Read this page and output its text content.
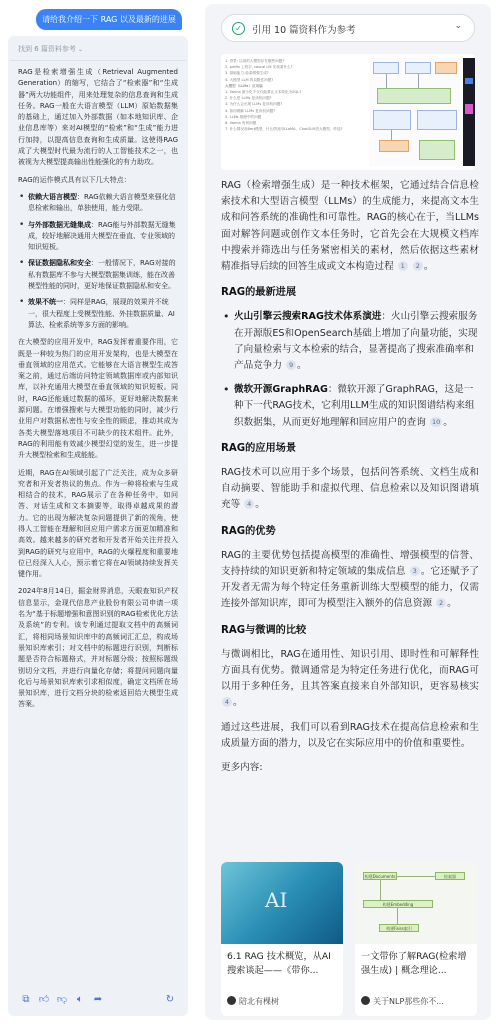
请给我介绍一下 RAG 以及最新的进展
找到 6 篇资料参考 ⌄

RAG是检索增强生成（Retrieval Augmented Generation）的缩写，它结合了“检索器”和“生成器”两大功能组件，用来处理复杂的信息查询和生成任务。RAG一般在大语言模型（LLM）原始数据集的基础上，通过加入外部数据（如本地知识库、企业信息库等）来对AI模型的“检索”和“生成”能力进行加持，以提高信息查询和生成质量。这使得RAG成了大模型时代最为流行的人工智能技术之一，也被视为大模型提高输出性能强化的有力助攻。

RAG的运作模式具有以下几大特点：

• 依赖大语言模型：RAG依赖大语言模型来强化信息检索和输出，单独使用，能力受限。
• 与外部数据无缝集成：RAG能与外部数据无缝集成，较好地解决通用大模型在垂直、专业领域的知识短板。
• 保证数据隐私和安全：一般情况下，RAG对接的私有数据库不参与大模型数据集训练，能在改善模型性能的同时，更好地保证数据隐私和安全。
• 效果不统一：同样是RAG，展现的效果并不统一，很大程度上受模型性能、外挂数据质量、AI算法、检索系统等多方面的影响。

在大模型的应用开发中，RAG发挥着重要作用，它既是一种较为热门的应用开发架构，也是大模型在垂直领域的应用范式。它能够在大语言模型生成答案之前，通过后端访问特定领域数据库或内部知识库，以补充通用大模型在垂直领域的知识短板。同时，RAG还能通过数据的循环，更好地解决数据来源问题。在增强搜索与大模型功能的同时，减少行业用户对数据私密性与安全性的顾虑，推动其成为各类大模型落地项目不可缺少的技术组件。此外，RAG的利用能有效减少模型幻觉的发生，进一步提升大模型检索和生成能能。

近期，RAG在AI领域引起了广泛关注，成为众多研究者和开发者热议的焦点。作为一种将检索与生成相结合的技术，RAG展示了在各种任务中，如问答、对话生成和文本摘要等，取得卓越成果的潜力。它的出现为解决复杂问题提供了新的视角，使得人工智能在理解和回应用户需求方面更加精准和高效。越来越多的研究者和开发者开始关注并投入到RAG的研究与应用中，RAG的火爆程度和重要地位已经深入人心，预示着它将在AI领域持续发挥关键作用。

2024年8月14日，掘金财界消息，天眼查知识产权信息显示，金现代信息产业股份有限公司申请一项名为“基于标题增强和意图识别的RAG检索优化方法及系统”的专利。该专利通过提取文档中的高频词汇，将相同场景知识库中的高频词汇汇总，构成场景知识库索引；对文档中的标题进行识别，判断标题是否符合标题格式，并对标题分级；按照标题级别切分文档，并进行向量化存储；将提问问题向量化后与场景知识库索引求相似度，确定文档所在场景知识库，进行文档分块的检索返回给大模型生成答案。

⧉ 👍︎ 👎︎ 🔈︎	➦	↻
✓	引用 10 篇资料作为参考	⌄
1. 背景: 以前的大模型存在哪些问题?
2. prefix 上的字, coscal LM 实现看什么?
3. 基础能力-检索增强生成?
4. 大模型 LLM 的局限性问题?
大模型（LLMs）应用篇
1. Vanna 最小化不仅仅能要让文本转化为SQL?
2. 什么是 LLMs 复读机问题?
3. 为什么会出现 LLMs 复读机问题?
4. 如何缓解 LLMs 复读机问题?
5. LLMs 推理中的问题
6. Vanna 有何问题
7. 什么情况用Bert模型，什么情况用LLaMA、ChatGLM类大模型，咋选?

RAG（检索增强生成）是一种技术框架，它通过结合信息检索技术和大型语言模型（LLMs）的生成能力，来提高文本生成和问答系统的准确性和可靠性。RAG的核心在于，当LLMs面对解答问题或创作文本任务时，它首先会在大规模文档库中搜索并筛选出与任务紧密相关的素材，然后依据这些素材精准指导后续的回答生成或文本构造过程 1 2 。

RAG的最新进展
• 火山引擎云搜索RAG技术体系演进：火山引擎云搜索服务在开源版ES和OpenSearch基础上增加了向量功能，实现了向量检索与文本检索的结合，显著提高了搜索准确率和产品竞争力 9 。
• 微软开源GraphRAG：微软开源了GraphRAG，这是一种下一代RAG技术，它利用LLM生成的知识图谱结构来组织数据集，从而更好地理解和回应用户的查询 10 。
RAG的应用场景

RAG技术可以应用于多个场景，包括问答系统、文档生成和自动摘要、智能助手和虚拟代理、信息检索以及知识图谱填充等 4 。

RAG的优势

RAG的主要优势包括提高模型的准确性、增强模型的信誉、支持持续的知识更新和特定领域的集成信息 3 。它还赋予了开发者无需为每个特定任务重新训练大型模型的能力，仅需连接外部知识库，即可为模型注入额外的信息资源 2 。

RAG与微调的比较

与微调相比，RAG在通用性、知识引用、即时性和可解释性方面具有优势。微调通常是为特定任务进行优化，而RAG可以用于多种任务，且其答案直接来自外部知识，更容易核实 4 。

通过这些进展，我们可以看到RAG技术在提高信息检索和生成质量方面的潜力，以及它在实际应用中的价值和重要性。

更多内容:

AI
6.1 RAG 技术概览，从AI搜索谈起——《带你...
陪北有棵树
构建Documents	检索器
构建Embedding
构建Faiss索引
一文带你了解RAG(检索增强生成) | 概念理论...
关于NLP那些你不...
